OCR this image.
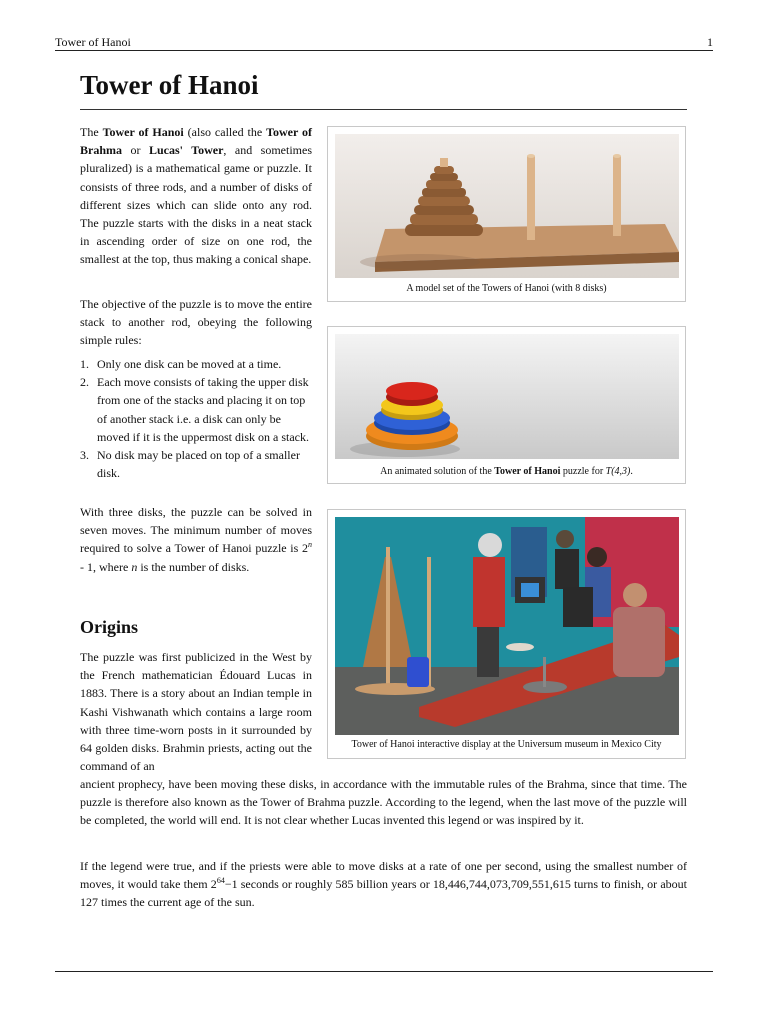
Tower of Hanoi	1
Tower of Hanoi

The Tower of Hanoi (also called the Tower of Brahma or Lucas' Tower, and sometimes pluralized) is a mathematical game or puzzle. It consists of three rods, and a number of disks of different sizes which can slide onto any rod. The puzzle starts with the disks in a neat stack in ascending order of size on one rod, the smallest at the top, thus making a conical shape.

The objective of the puzzle is to move the entire stack to another rod, obeying the following simple rules:

1. Only one disk can be moved at a time.
2. Each move consists of taking the upper disk from one of the stacks and placing it on top of another stack i.e. a disk can only be moved if it is the uppermost disk on a stack.
3. No disk may be placed on top of a smaller disk.

With three disks, the puzzle can be solved in seven moves. The minimum number of moves required to solve a Tower of Hanoi puzzle is 2$^n$ - 1, where n is the number of disks.

Origins

The puzzle was first publicized in the West by the French mathematician Édouard Lucas in 1883. There is a story about an Indian temple in Kashi Vishwanath which contains a large room with three time-worn posts in it surrounded by 64 golden disks. Brahmin priests, acting out the command of an

ancient prophecy, have been moving these disks, in accordance with the immutable rules of the Brahma, since that time. The puzzle is therefore also known as the Tower of Brahma puzzle. According to the legend, when the last move of the puzzle will be completed, the world will end. It is not clear whether Lucas invented this legend or was inspired by it.

If the legend were true, and if the priests were able to move disks at a rate of one per second, using the smallest number of moves, it would take them $2^{64}-1$ seconds or roughly 585 billion years or 18,446,744,073,709,551,615 turns to finish, or about 127 times the current age of the sun.

A model set of the Towers of Hanoi (with 8 disks)
An animated solution of the Tower of Hanoi puzzle for T(4,3).
Tower of Hanoi interactive display at the Universum museum in Mexico City
